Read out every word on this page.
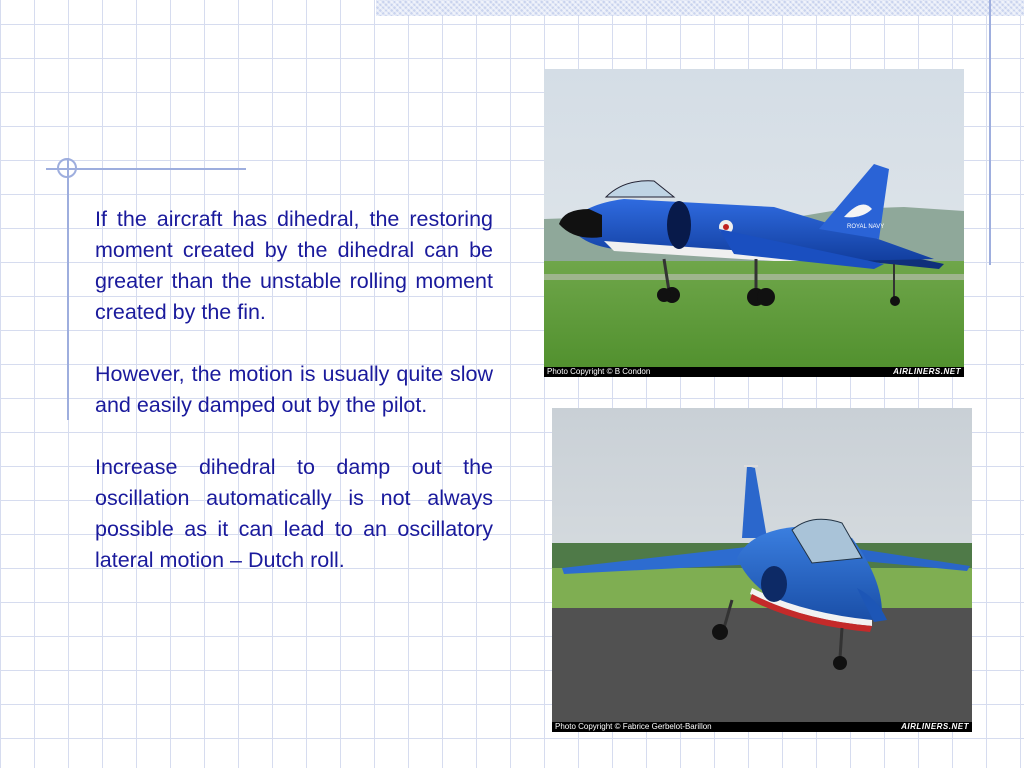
If the aircraft has dihedral, the restoring moment created by the dihedral can be greater than the unstable rolling moment created by the fin.

However, the motion is usually quite slow and easily damped out by the pilot.

Increase dihedral to damp out the oscillation automatically is not always possible as it can lead to an oscillatory lateral motion – Dutch roll.

ROYAL NAVY
Photo Copyright © B Condon	AIRLINERS.NET
Photo Copyright © Fabrice Gerbelot-Barillon	AIRLINERS.NET
